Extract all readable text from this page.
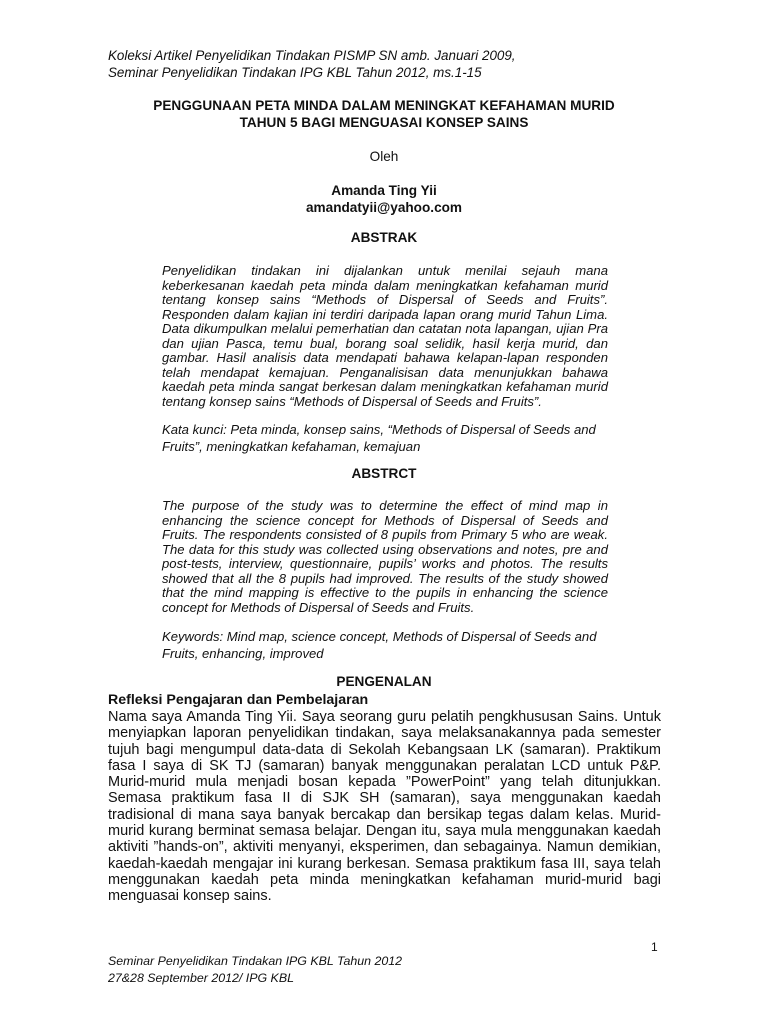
Koleksi Artikel Penyelidikan Tindakan PISMP SN amb. Januari 2009,
Seminar Penyelidikan Tindakan IPG KBL Tahun 2012, ms.1-15
PENGGUNAAN PETA MINDA DALAM MENINGKAT KEFAHAMAN MURID
TAHUN 5 BAGI MENGUASAI KONSEP SAINS
Oleh
Amanda Ting Yii
amandatyii@yahoo.com
ABSTRAK

Penyelidikan tindakan ini dijalankan untuk menilai sejauh mana keberkesanan kaedah peta minda dalam meningkatkan kefahaman murid tentang konsep sains “Methods of Dispersal of Seeds and Fruits”. Responden dalam kajian ini terdiri daripada lapan orang murid Tahun Lima. Data dikumpulkan melalui pemerhatian dan catatan nota lapangan, ujian Pra dan ujian Pasca, temu bual, borang soal selidik, hasil kerja murid, dan gambar. Hasil analisis data mendapati bahawa kelapan-lapan responden telah mendapat kemajuan. Penganalisisan data menunjukkan bahawa kaedah peta minda sangat berkesan dalam meningkatkan kefahaman murid tentang konsep sains “Methods of Dispersal of Seeds and Fruits”.

Kata kunci: Peta minda, konsep sains, “Methods of Dispersal of Seeds and Fruits”, meningkatkan kefahaman, kemajuan

ABSTRCT

The purpose of the study was to determine the effect of mind map in enhancing the science concept for Methods of Dispersal of Seeds and Fruits. The respondents consisted of 8 pupils from Primary 5 who are weak. The data for this study was collected using observations and notes, pre and post-tests, interview, questionnaire, pupils’ works and photos. The results showed that all the 8 pupils had improved. The results of the study showed that the mind mapping is effective to the pupils in enhancing the science concept for Methods of Dispersal of Seeds and Fruits.

Keywords: Mind map, science concept, Methods of Dispersal of Seeds and Fruits, enhancing, improved

PENGENALAN
Refleksi Pengajaran dan Pembelajaran

Nama saya Amanda Ting Yii. Saya seorang guru pelatih pengkhususan Sains. Untuk menyiapkan laporan penyelidikan tindakan, saya melaksanakannya pada semester tujuh bagi mengumpul data-data di Sekolah Kebangsaan LK (samaran). Praktikum fasa I saya di SK TJ (samaran) banyak menggunakan peralatan LCD untuk P&P. Murid-murid mula menjadi bosan kepada ”PowerPoint” yang telah ditunjukkan. Semasa praktikum fasa II di SJK SH (samaran), saya menggunakan kaedah tradisional di mana saya banyak bercakap dan bersikap tegas dalam kelas. Murid-murid kurang berminat semasa belajar. Dengan itu, saya mula menggunakan kaedah aktiviti ”hands-on”, aktiviti menyanyi, eksperimen, dan sebagainya. Namun demikian, kaedah-kaedah mengajar ini kurang berkesan. Semasa praktikum fasa III, saya telah menggunakan kaedah peta minda meningkatkan kefahaman murid-murid bagi menguasai konsep sains.

1
Seminar Penyelidikan Tindakan IPG KBL Tahun 2012
27&28 September 2012/ IPG KBL
